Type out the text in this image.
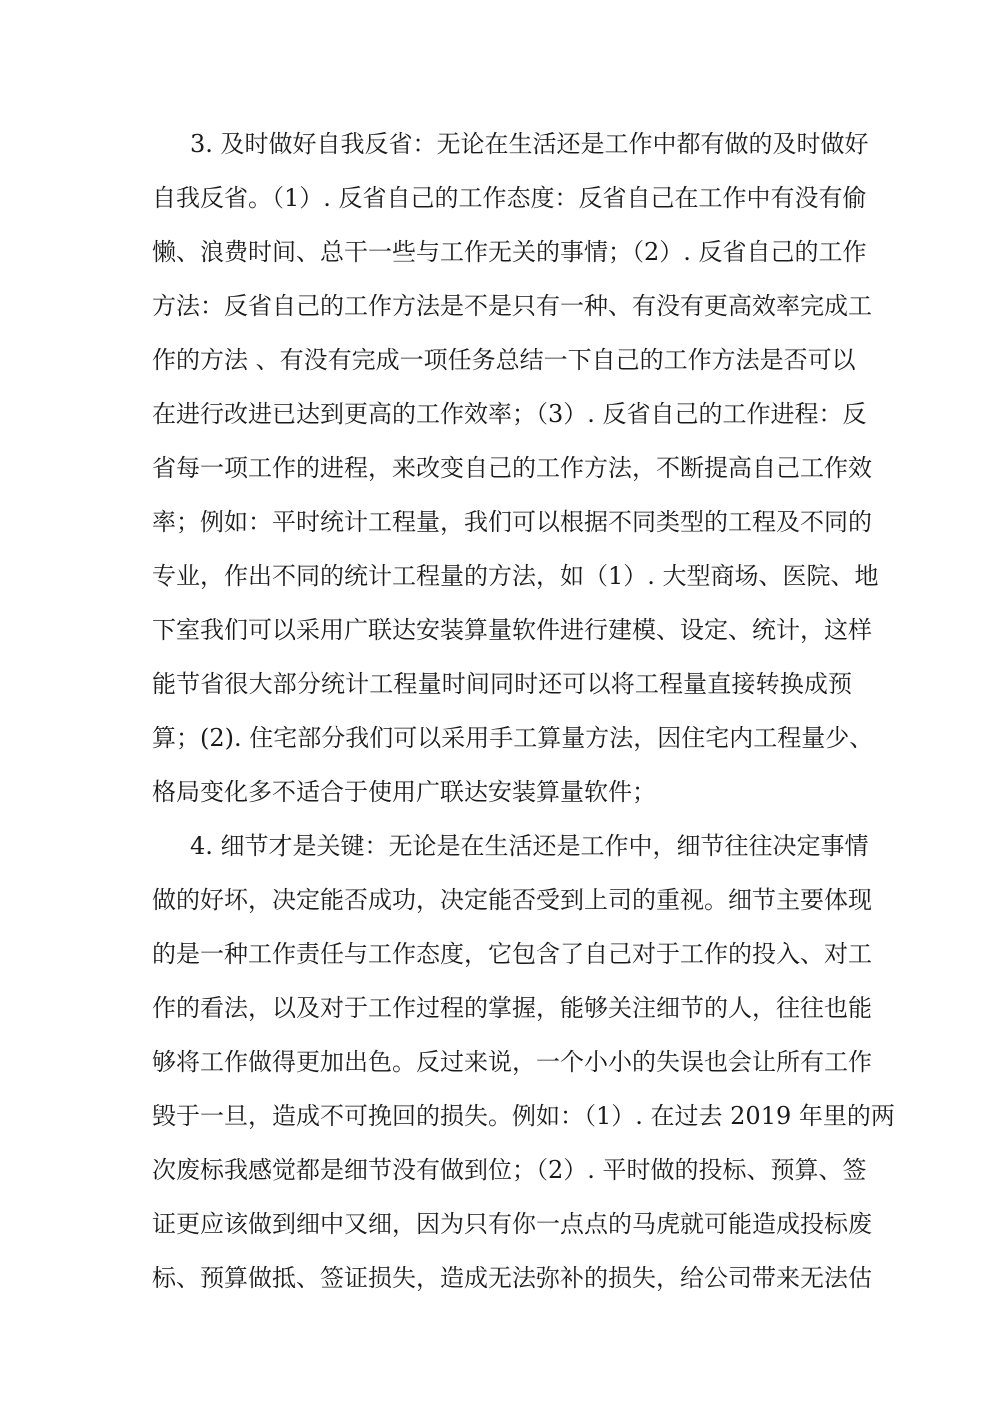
3. 及时做好自我反省：无论在生活还是工作中都有做的及时做好
自我反省。（1）. 反省自己的工作态度：反省自己在工作中有没有偷
懒、浪费时间、总干一些与工作无关的事情；（2）. 反省自己的工作
方法：反省自己的工作方法是不是只有一种、有没有更高效率完成工
作的方法 、有没有完成一项任务总结一下自己的工作方法是否可以
在进行改进已达到更高的工作效率；（3）. 反省自己的工作进程：反
省每一项工作的进程，来改变自己的工作方法，不断提高自己工作效
率；例如：平时统计工程量，我们可以根据不同类型的工程及不同的
专业，作出不同的统计工程量的方法，如（1）. 大型商场、医院、地
下室我们可以采用广联达安装算量软件进行建模、设定、统计，这样
能节省很大部分统计工程量时间同时还可以将工程量直接转换成预
算；(2). 住宅部分我们可以采用手工算量方法，因住宅内工程量少、
格局变化多不适合于使用广联达安装算量软件；
4. 细节才是关键：无论是在生活还是工作中，细节往往决定事情
做的好坏，决定能否成功，决定能否受到上司的重视。细节主要体现
的是一种工作责任与工作态度，它包含了自己对于工作的投入、对工
作的看法，以及对于工作过程的掌握，能够关注细节的人，往往也能
够将工作做得更加出色。反过来说，一个小小的失误也会让所有工作
毁于一旦，造成不可挽回的损失。例如：（1）. 在过去 2019 年里的两
次废标我感觉都是细节没有做到位；（2）. 平时做的投标、预算、签
证更应该做到细中又细，因为只有你一点点的马虎就可能造成投标废
标、预算做抵、签证损失，造成无法弥补的损失，给公司带来无法估
